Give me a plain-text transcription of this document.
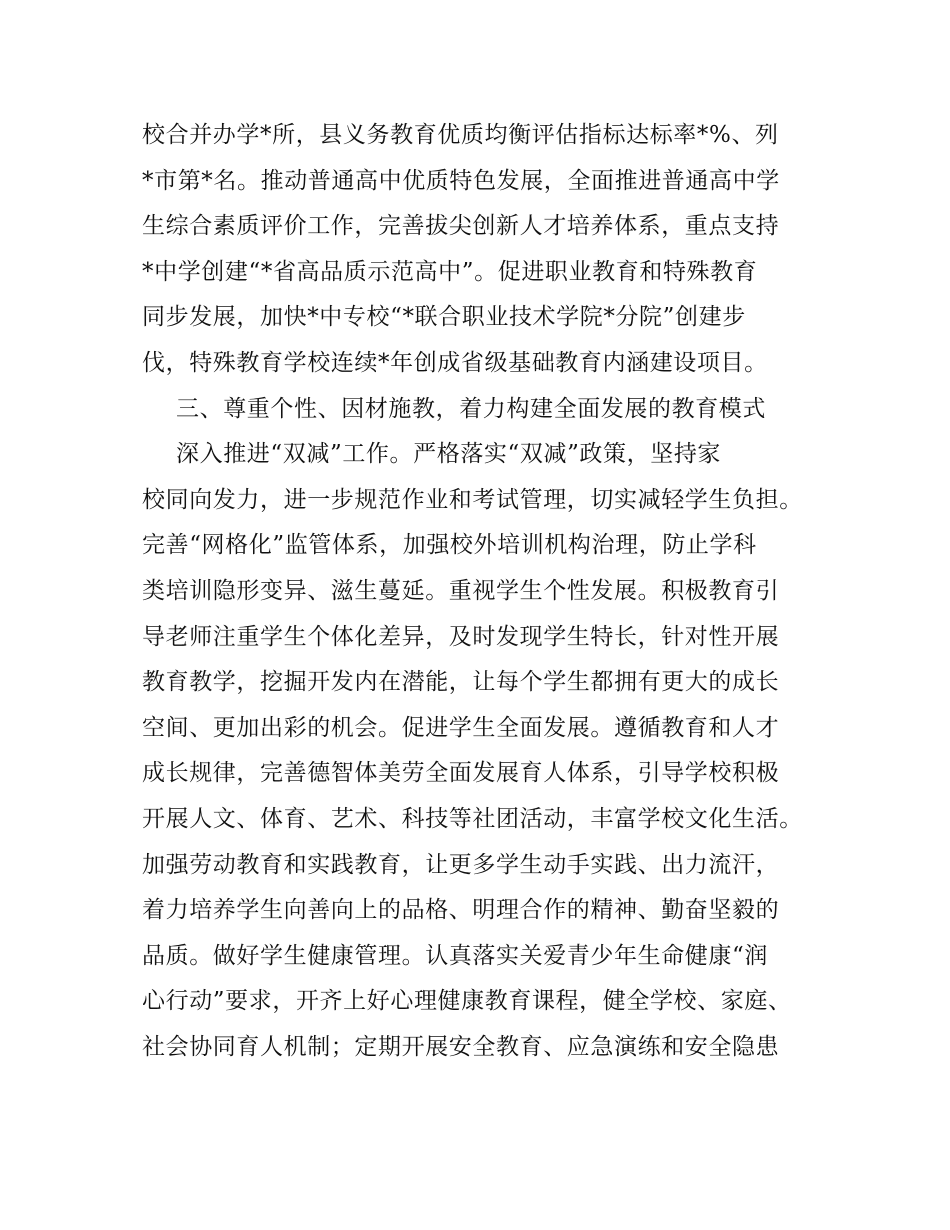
校合并办学*所，县义务教育优质均衡评估指标达标率*%、列
*市第*名。推动普通高中优质特色发展，全面推进普通高中学
生综合素质评价工作，完善拔尖创新人才培养体系，重点支持
*中学创建“*省高品质示范高中”。促进职业教育和特殊教育
同步发展，加快*中专校“*联合职业技术学院*分院”创建步
伐，特殊教育学校连续*年创成省级基础教育内涵建设项目。
三、尊重个性、因材施教，着力构建全面发展的教育模式
深入推进“双减”工作。严格落实“双减”政策，坚持家
校同向发力，进一步规范作业和考试管理，切实减轻学生负担。
完善“网格化”监管体系，加强校外培训机构治理，防止学科
类培训隐形变异、滋生蔓延。重视学生个性发展。积极教育引
导老师注重学生个体化差异，及时发现学生特长，针对性开展
教育教学，挖掘开发内在潜能，让每个学生都拥有更大的成长
空间、更加出彩的机会。促进学生全面发展。遵循教育和人才
成长规律，完善德智体美劳全面发展育人体系，引导学校积极
开展人文、体育、艺术、科技等社团活动，丰富学校文化生活。
加强劳动教育和实践教育，让更多学生动手实践、出力流汗，
着力培养学生向善向上的品格、明理合作的精神、勤奋坚毅的
品质。做好学生健康管理。认真落实关爱青少年生命健康“润
心行动”要求，开齐上好心理健康教育课程，健全学校、家庭、
社会协同育人机制；定期开展安全教育、应急演练和安全隐患
